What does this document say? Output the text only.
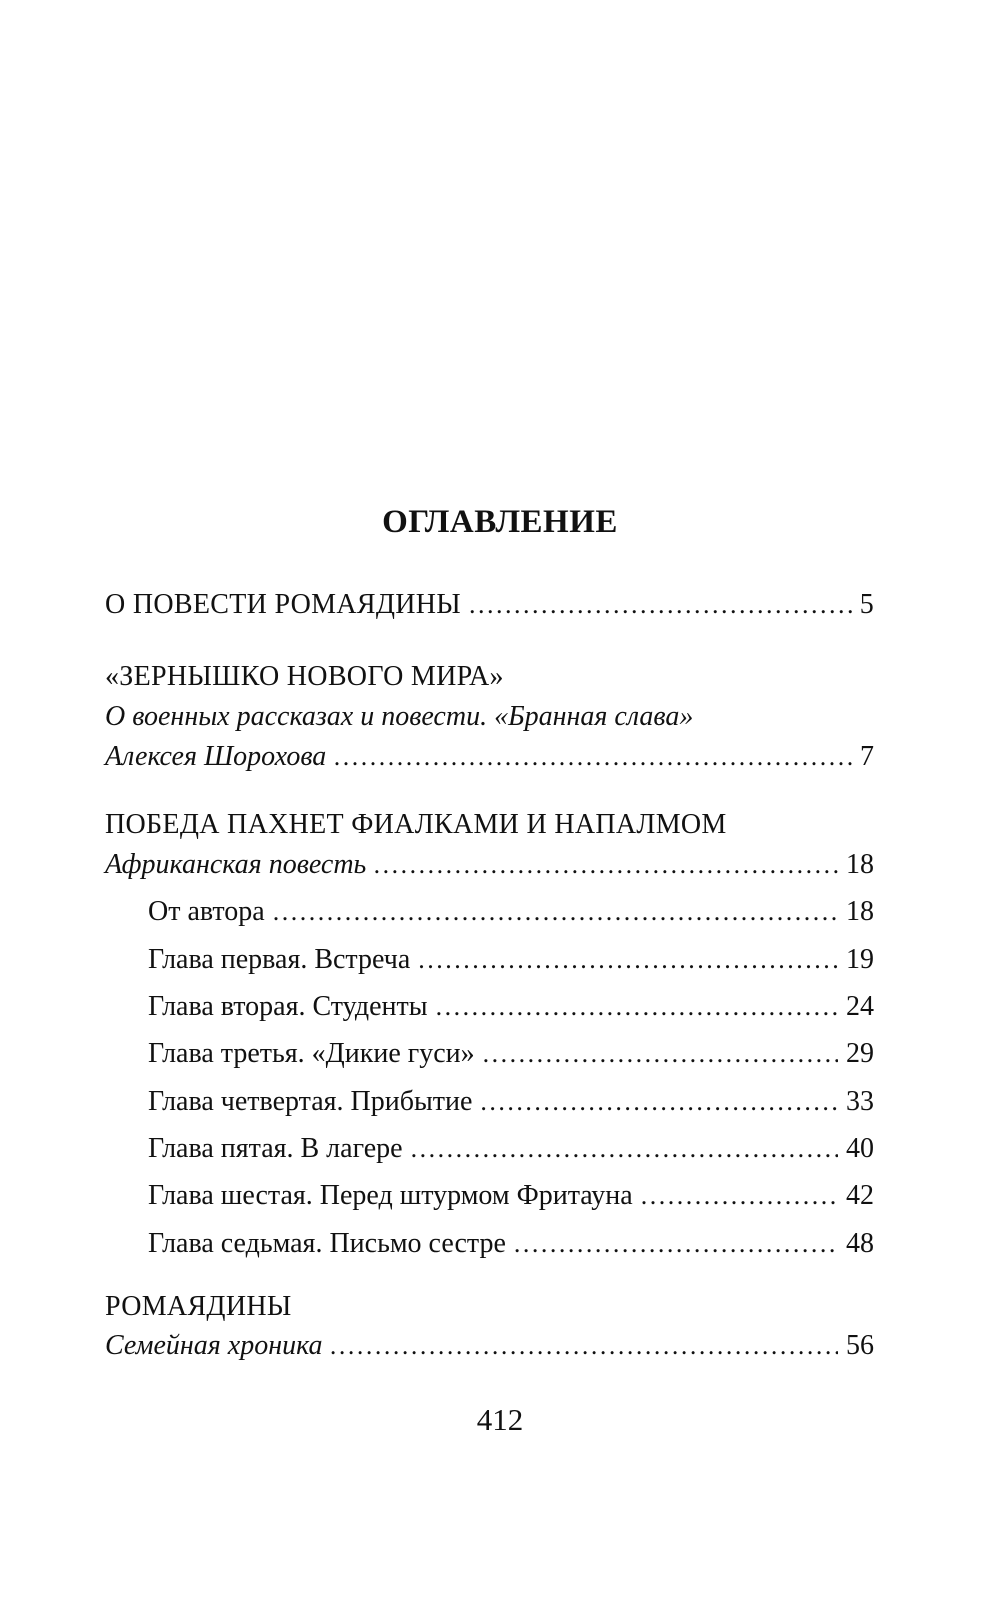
ОГЛАВЛЕНИЕ
О ПОВЕСТИ РОМАЯДИНЫ . . .	5
«ЗЕРНЫШКО НОВОГО МИРА»
О военных рассказах и повести. «Бранная слава»
Алексея Шорохова . . .	7
ПОБЕДА ПАХНЕТ ФИАЛКАМИ И НАПАЛМОМ
Африканская повесть . . .	18
От автора . . .	18
Глава первая. Встреча . . .	19
Глава вторая. Студенты . . .	24
Глава третья. «Дикие гуси» . . .	29
Глава четвертая. Прибытие . . .	33
Глава пятая. В лагере . . .	40
Глава шестая. Перед штурмом Фритауна . . .	42
Глава седьмая. Письмо сестре . . .	48
РОМАЯДИНЫ
Семейная хроника . . .	56
412
